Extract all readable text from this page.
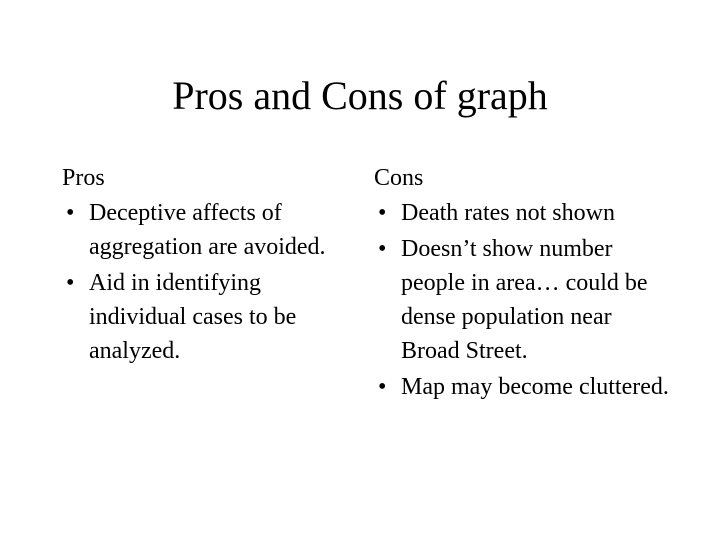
Pros and Cons of graph
Pros
• Deceptive affects of aggregation are avoided.
• Aid in identifying individual cases to be analyzed.
Cons
• Death rates not shown
• Doesn’t show number people in area… could be dense population near Broad Street.
• Map may become cluttered.
